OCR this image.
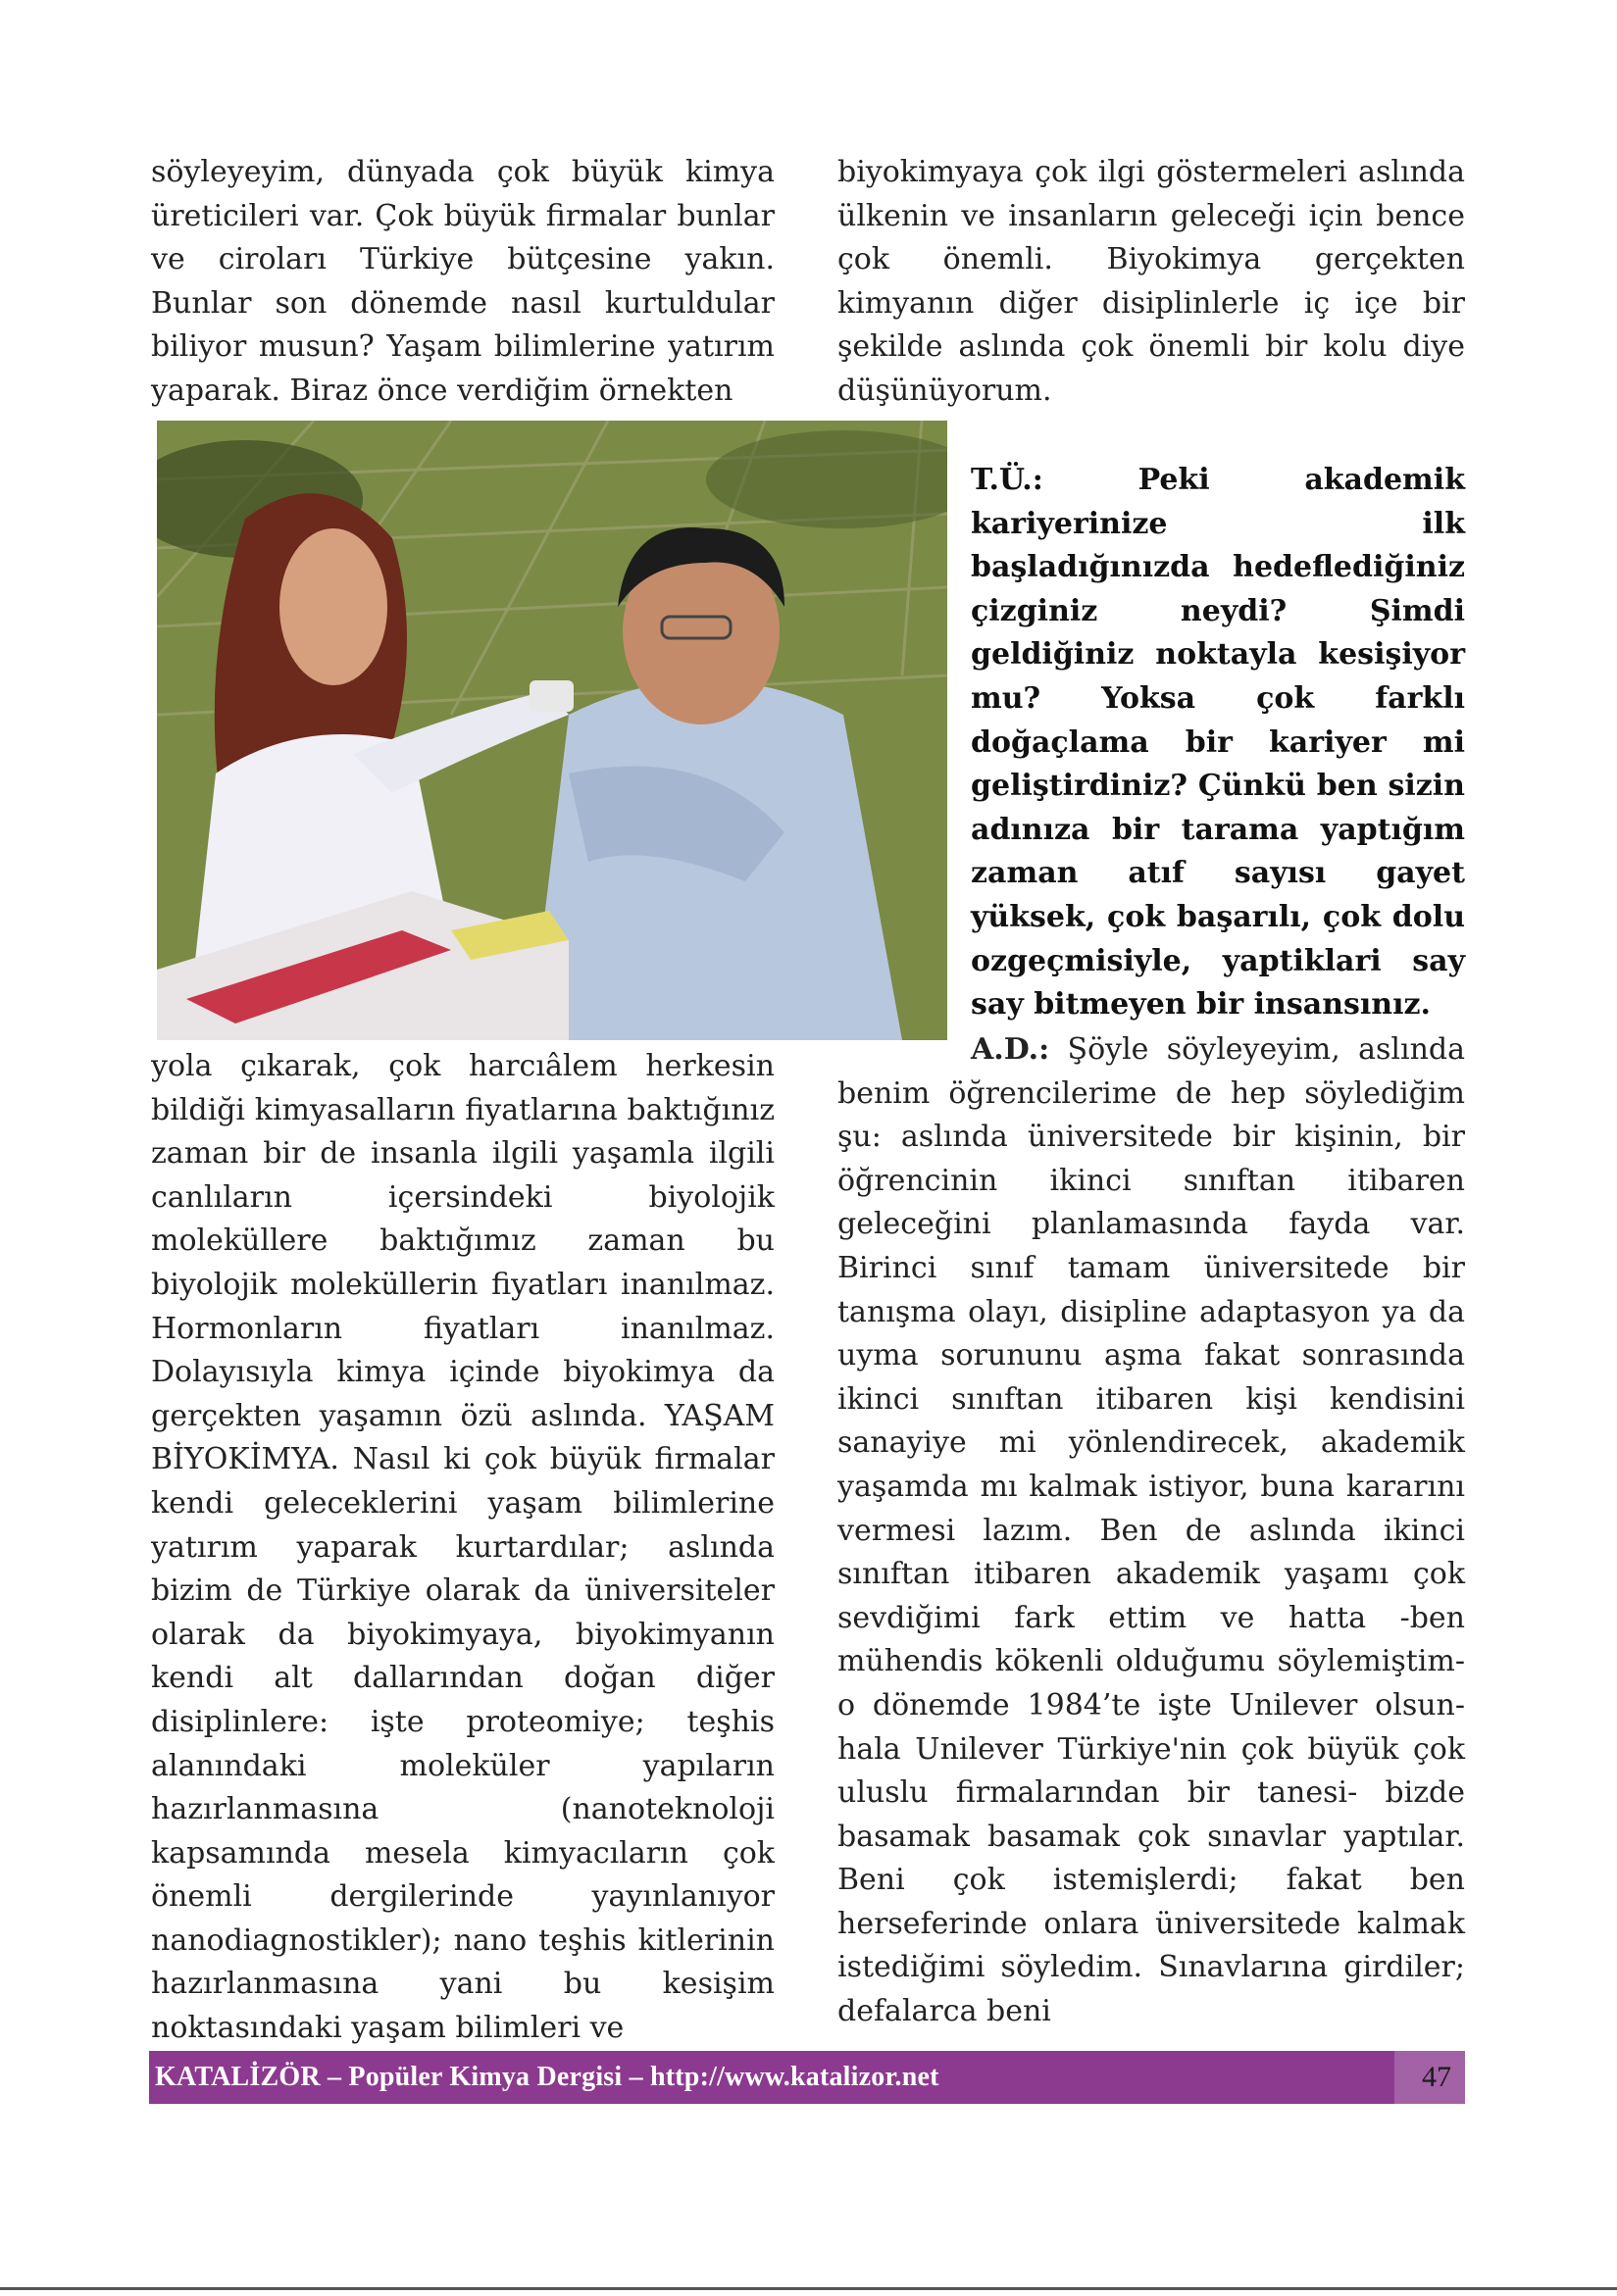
söyleyeyim, dünyada çok büyük kimya üreticileri var. Çok büyük firmalar bunlar ve ciroları Türkiye bütçesine yakın. Bunlar son dönemde nasıl kurtuldular biliyor musun? Yaşam bilimlerine yatırım yaparak. Biraz önce verdiğim örnekten

yola çıkarak, çok harcıâlem herkesin bildiği kimyasalların fiyatlarına baktığınız zaman bir de insanla ilgili yaşamla ilgili canlıların içersindeki biyolojik moleküllere baktığımız zaman bu biyolojik moleküllerin fiyatları inanılmaz. Hormonların fiyatları inanılmaz. Dolayısıyla kimya içinde biyokimya da gerçekten yaşamın özü aslında. YAŞAM BİYOKİMYA. Nasıl ki çok büyük firmalar kendi geleceklerini yaşam bilimlerine yatırım yaparak kurtardılar; aslında bizim de Türkiye olarak da üniversiteler olarak da biyokimyaya, biyokimyanın kendi alt dallarından doğan diğer disiplinlere: işte proteomiye; teşhis alanındaki moleküler yapıların hazırlanmasına (nanoteknoloji kapsamında mesela kimyacıların çok önemli dergilerinde yayınlanıyor nanodiagnostikler); nano teşhis kitlerinin hazırlanmasına yani bu kesişim noktasındaki yaşam bilimleri ve

biyokimyaya çok ilgi göstermeleri aslında ülkenin ve insanların geleceği için bence çok önemli. Biyokimya gerçekten kimyanın diğer disiplinlerle iç içe bir şekilde aslında çok önemli bir kolu diye düşünüyorum.

T.Ü.: Peki akademik kariyerinize ilk başladığınızda hedeflediğiniz çizginiz neydi? Şimdi geldiğiniz noktayla kesişiyor mu? Yoksa çok farklı doğaçlama bir kariyer mi geliştirdiniz? Çünkü ben sizin adınıza bir tarama yaptığım zaman atıf sayısı gayet yüksek, çok başarılı, çok dolu ozgeçmisiyle, yaptiklari say say bitmeyen bir insansınız.

A.D.: Şöyle söyleyeyim, aslında benim öğrencilerime de hep söylediğim şu: aslında üniversitede bir kişinin, bir öğrencinin ikinci sınıftan itibaren geleceğini planlamasında fayda var. Birinci sınıf tamam üniversitede bir tanışma olayı, disipline adaptasyon ya da uyma sorununu aşma fakat sonrasında ikinci sınıftan itibaren kişi kendisini sanayiye mi yönlendirecek, akademik yaşamda mı kalmak istiyor, buna kararını vermesi lazım. Ben de aslında ikinci sınıftan itibaren akademik yaşamı çok sevdiğimi fark ettim ve hatta -ben mühendis kökenli olduğumu söylemiştim- o dönemde 1984’te işte Unilever olsun- hala Unilever Türkiye'nin çok büyük çok uluslu firmalarından bir tanesi- bizde basamak basamak çok sınavlar yaptılar. Beni çok istemişlerdi; fakat ben herseferinde onlara üniversitede kalmak istediğimi söyledim. Sınavlarına girdiler; defalarca beni

KATALİZÖR – Popüler Kimya Dergisi – http://www.katalizor.net	47
